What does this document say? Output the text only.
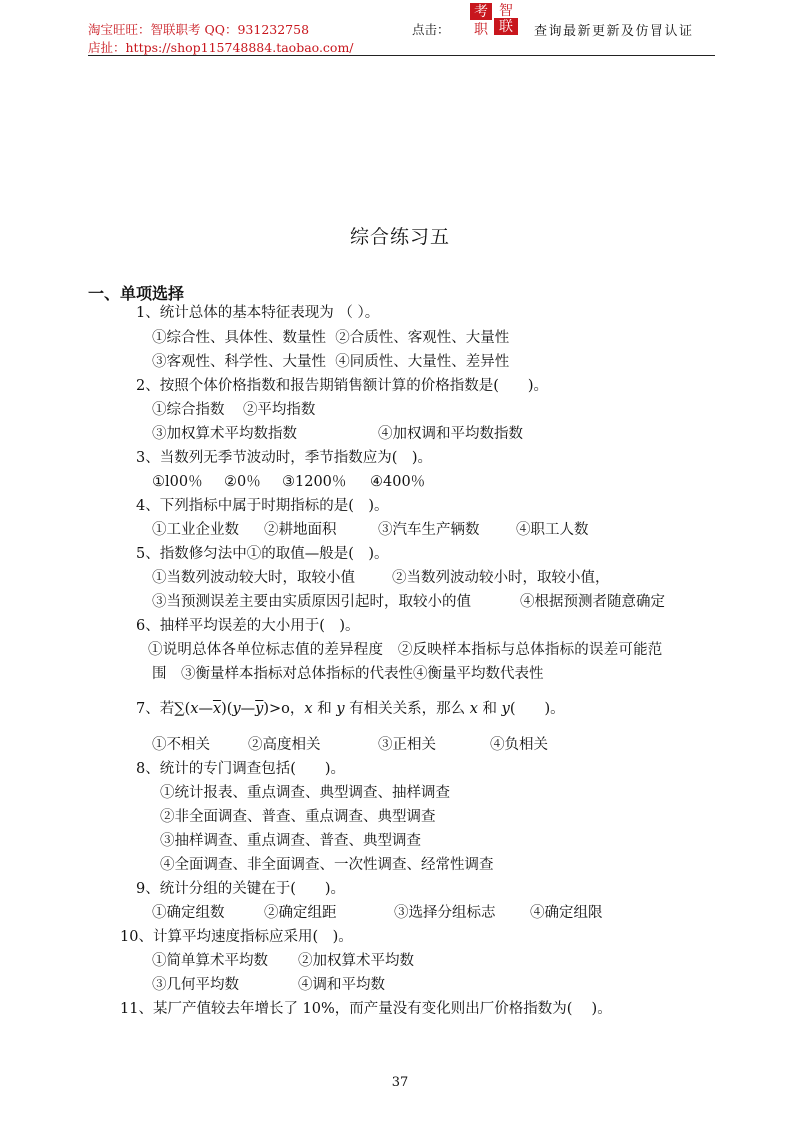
淘宝旺旺：智联职考 QQ：931232758
店扯：https://shop115748884.taobao.com/
点击：
考 智
职 联 查询最新更新及仿冒认证
综合练习五
一、单项选择
1、统计总体的基本特征表现为 （ ）。
①综合性、具体性、数量性 ②合质性、客观性、大量性
③客观性、科学性、大量性 ④同质性、大量性、差异性
2、按照个体价格指数和报告期销售额计算的价格指数是(　　)。
①综合指数 ②平均指数
③加权算术平均数指数	④加权调和平均数指数
3、当数列无季节波动时，季节指数应为(　)。
①l00％ ②0％ ③1200％ ④400％
4、下列指标中属于时期指标的是(　)。
①工业企业数 ②耕地面积	③汽车生产辆数	④职工人数
5、指数修匀法中①的取值—般是(　)。
①当数列波动较大时，取较小值	②当数列波动较小时，取较小值，
③当预测误差主要由实质原因引起时，取较小的值	④根据预测者随意确定
6、抽样平均误差的大小用于(　)。
①说明总体各单位标志值的差异程度　②反映样本指标与总体指标的误差可能范
围　③衡量样本指标对总体指标的代表性④衡量平均数代表性
7、若$\sum(x—\overline{x})(y—\overline{y})>o$，x 和 y 有相关关系，那么 x 和 y(　　)。
①不相关	②高度相关	③正相关	④负相关
8、统计的专门调查包括(　　)。
①统计报表、重点调查、典型调查、抽样调查
②非全面调查、普查、重点调查、典型调查
③抽样调查、重点调查、普查、典型调查
④全面调查、非全面调查、一次性调查、经常性调查
9、统计分组的关键在于(　　)。
①确定组数	②确定组距	③选择分组标志 ④确定组限
10、计算平均速度指标应采用(　)。
①简单算术平均数 ②加权算术平均数
③几何平均数	④调和平均数
11、某厂产值较去年增长了 10%，而产量没有变化则出厂价格指数为(　 )。
37
